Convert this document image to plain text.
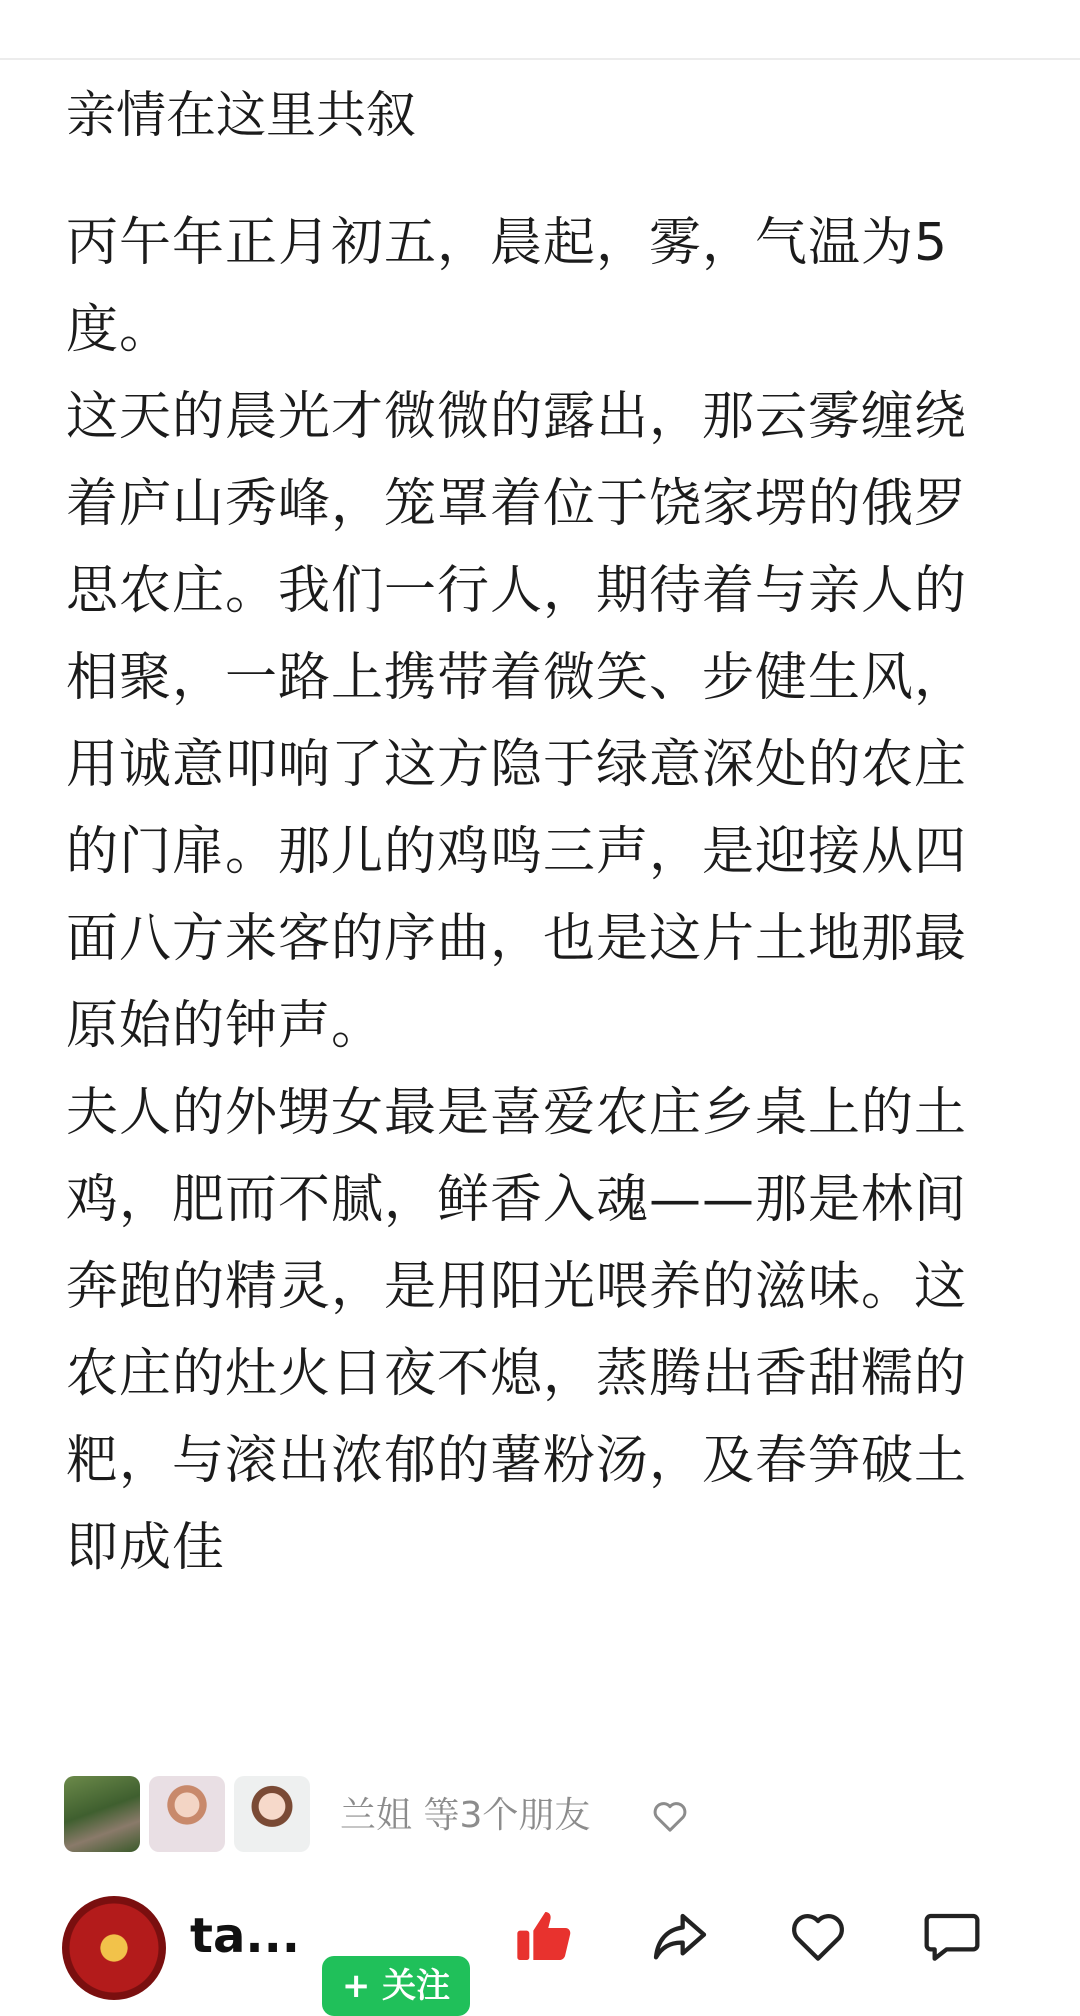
亲情在这里共叙

丙午年正月初五，晨起，雾，气温为5度。

这天的晨光才微微的露出，那云雾缠绕着庐山秀峰，笼罩着位于饶家塄的俄罗思农庄。我们一行人，期待着与亲人的相聚，一路上携带着微笑、步健生风，用诚意叩响了这方隐于绿意深处的农庄的门扉。那儿的鸡鸣三声，是迎接从四面八方来客的序曲，也是这片土地那最原始的钟声。

夫人的外甥女最是喜爱农庄乡桌上的土鸡，肥而不腻，鲜香入魂——那是林间奔跑的精灵，是用阳光喂养的滋味。这农庄的灶火日夜不熄，蒸腾出香甜糯的粑，与滚出浓郁的薯粉汤，及春笋破土即成佳

兰姐 等3个朋友
ta...
+ 关注
